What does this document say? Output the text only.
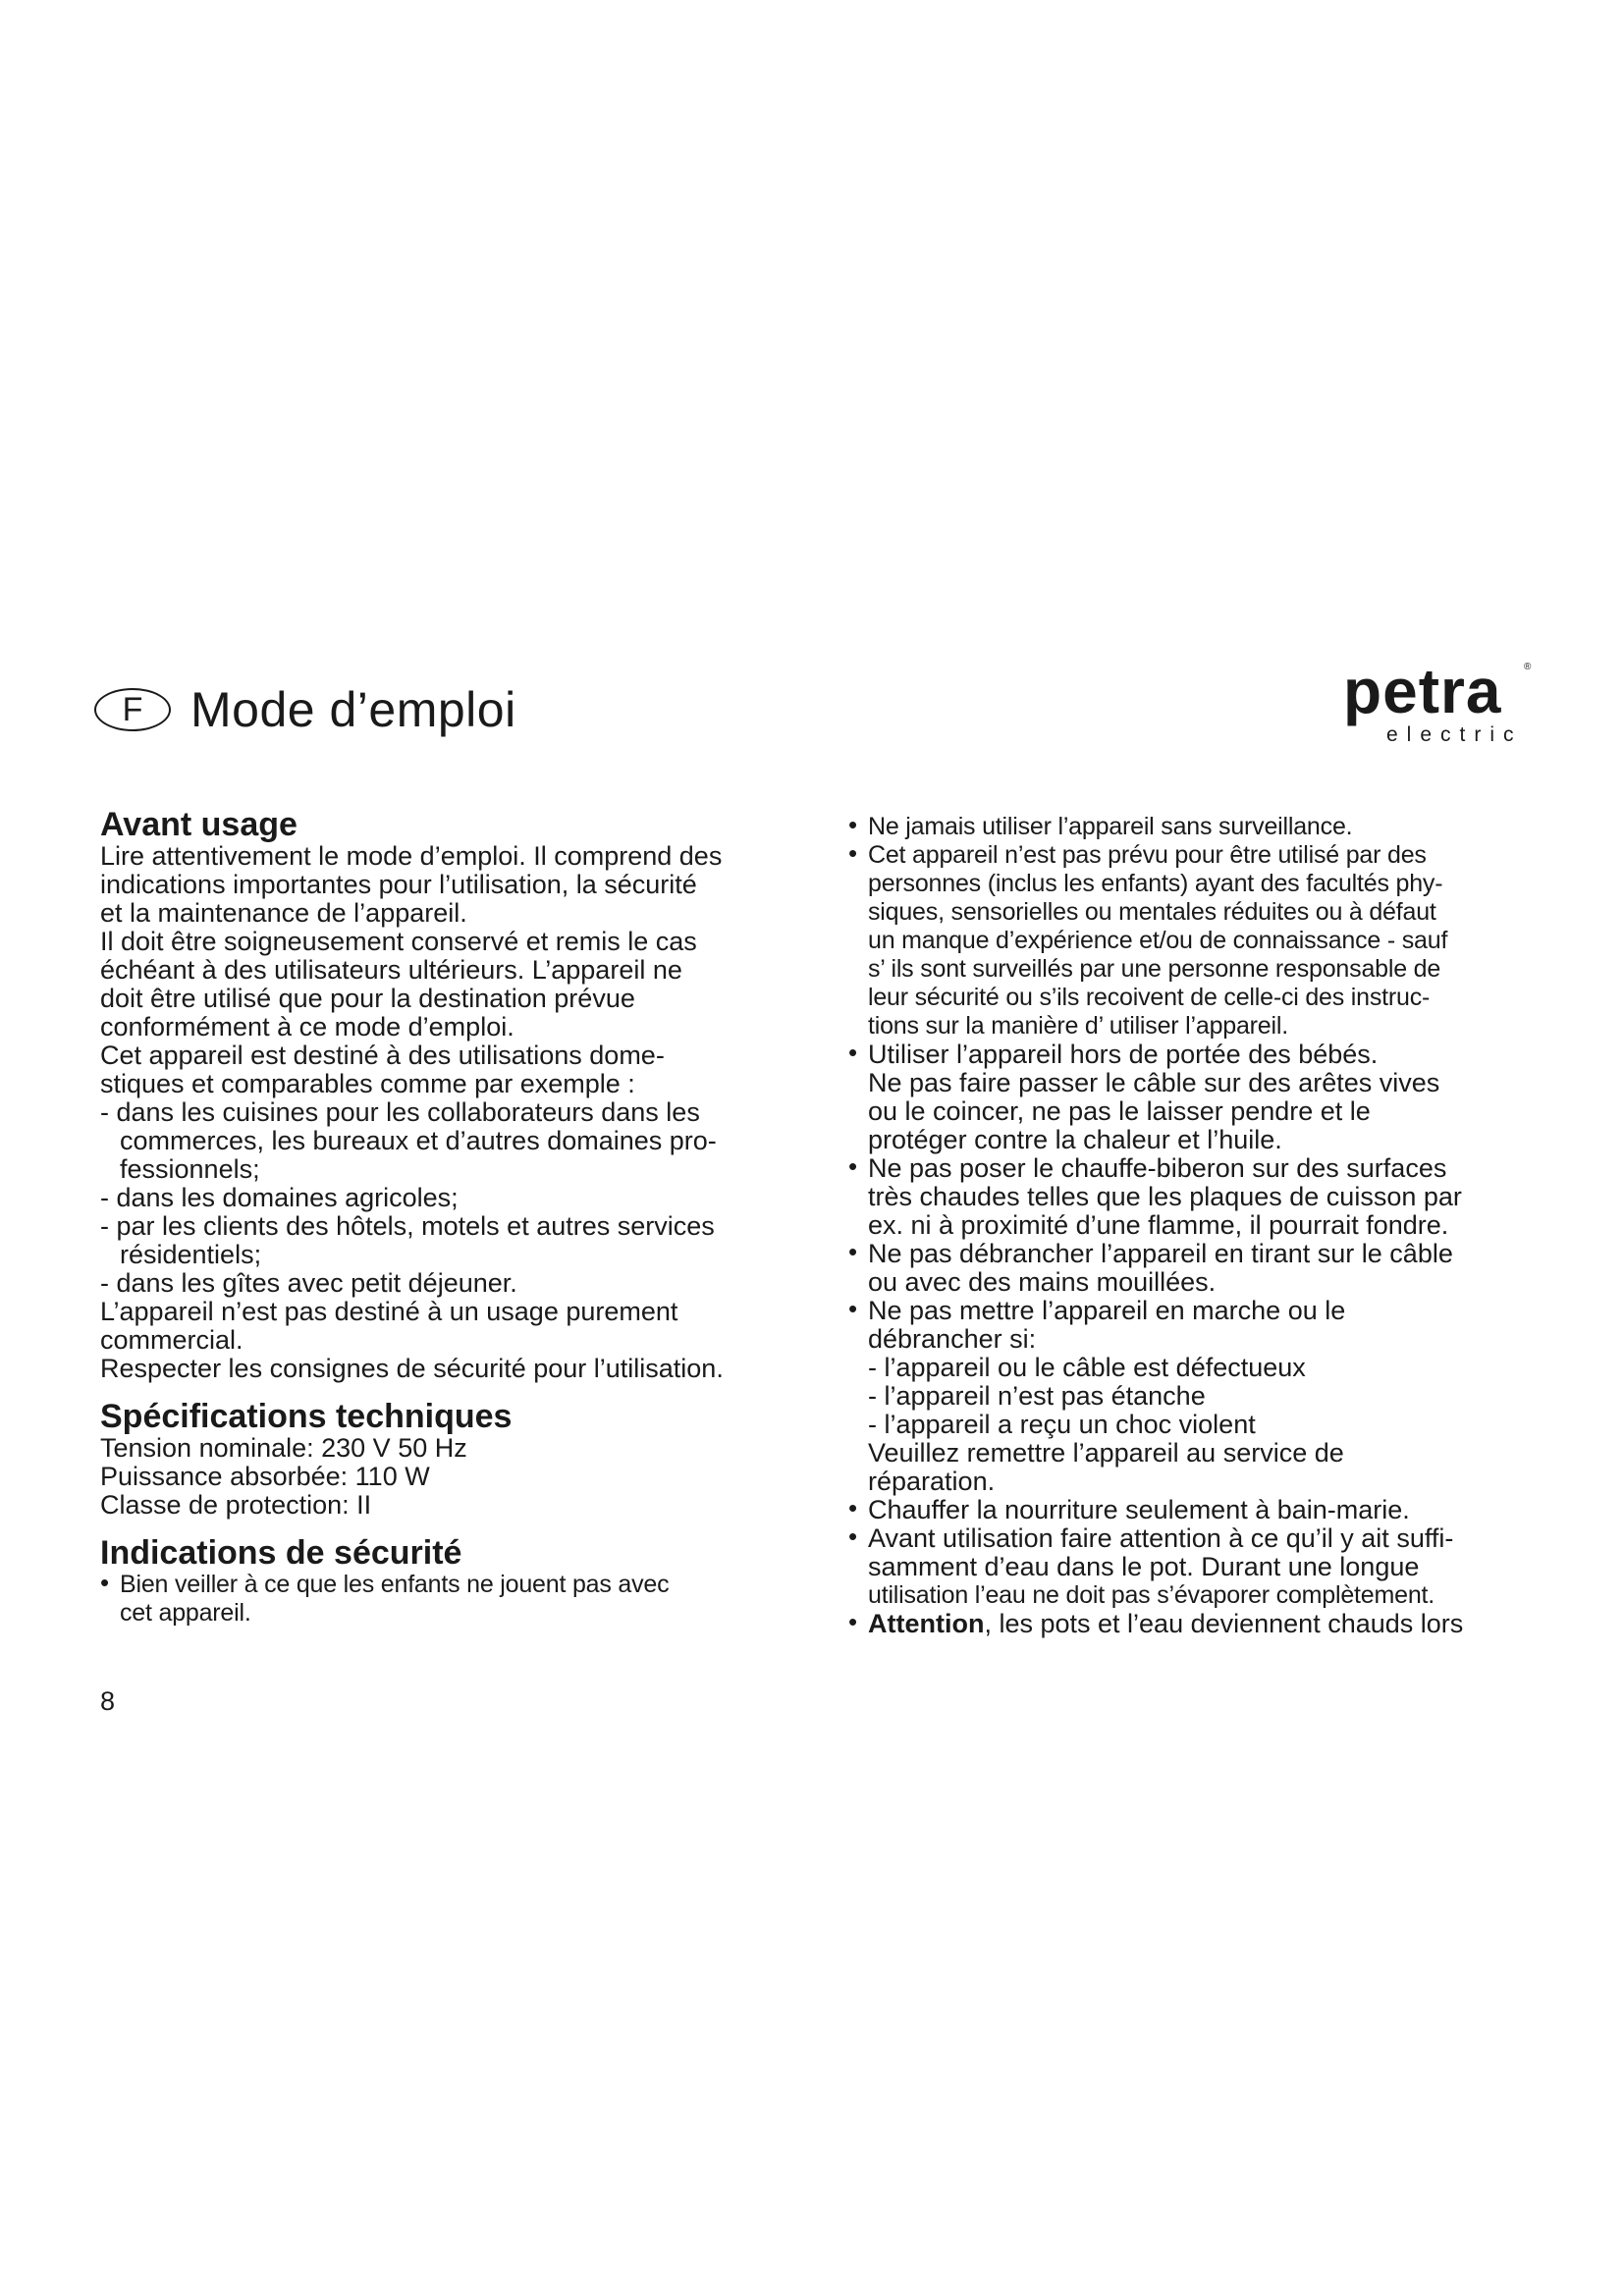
F Mode d’emploi	petra	®
electric
Avant usage

Lire attentivement le mode d’emploi. Il comprend des

indications importantes pour l’utilisation, la sécurité

et la maintenance de l’appareil.

Il doit être soigneusement conservé et remis le cas

échéant à des utilisateurs ultérieurs. L’appareil ne

doit être utilisé que pour la destination prévue

conformément à ce mode d’emploi.

Cet appareil est destiné à des utilisations dome-

stiques et comparables comme par exemple :

- dans les cuisines pour les collaborateurs dans les

commerces, les bureaux et d’autres domaines pro-

fessionnels;

- dans les domaines agricoles;

- par les clients des hôtels, motels et autres services

résidentiels;

- dans les gîtes avec petit déjeuner.

L’appareil n’est pas destiné à un usage purement

commercial.

Respecter les consignes de sécurité pour l’utilisation.

Spécifications techniques

Tension nominale: 230 V 50 Hz

Puissance absorbée: 110 W

Classe de protection: II

Indications de sécurité

• Bien veiller à ce que les enfants ne jouent pas avec

cet appareil.

8

• Ne jamais utiliser l’appareil sans surveillance.

• Cet appareil n’est pas prévu pour être utilisé par des

personnes (inclus les enfants) ayant des facultés phy-

siques, sensorielles ou mentales réduites ou à défaut

un manque d’expérience et/ou de connaissance - sauf

s’ ils sont surveillés par une personne responsable de

leur sécurité ou s’ils recoivent de celle-ci des instruc-

tions sur la manière d’ utiliser l’appareil.

• Utiliser l’appareil hors de portée des bébés.

Ne pas faire passer le câble sur des arêtes vives

ou le coincer, ne pas le laisser pendre et le

protéger contre la chaleur et l’huile.

• Ne pas poser le chauffe-biberon sur des surfaces

très chaudes telles que les plaques de cuisson par

ex. ni à proximité d’une flamme, il pourrait fondre.

• Ne pas débrancher l’appareil en tirant sur le câble

ou avec des mains mouillées.

• Ne pas mettre l’appareil en marche ou le

débrancher si:

- l’appareil ou le câble est défectueux

- l’appareil n’est pas étanche

- l’appareil a reçu un choc violent

Veuillez remettre l’appareil au service de

réparation.

• Chauffer la nourriture seulement à bain-marie.

• Avant utilisation faire attention à ce qu’il y ait suffi-

samment d’eau dans le pot. Durant une longue

utilisation l’eau ne doit pas s’évaporer complètement.

• Attention, les pots et l’eau deviennent chauds lors
